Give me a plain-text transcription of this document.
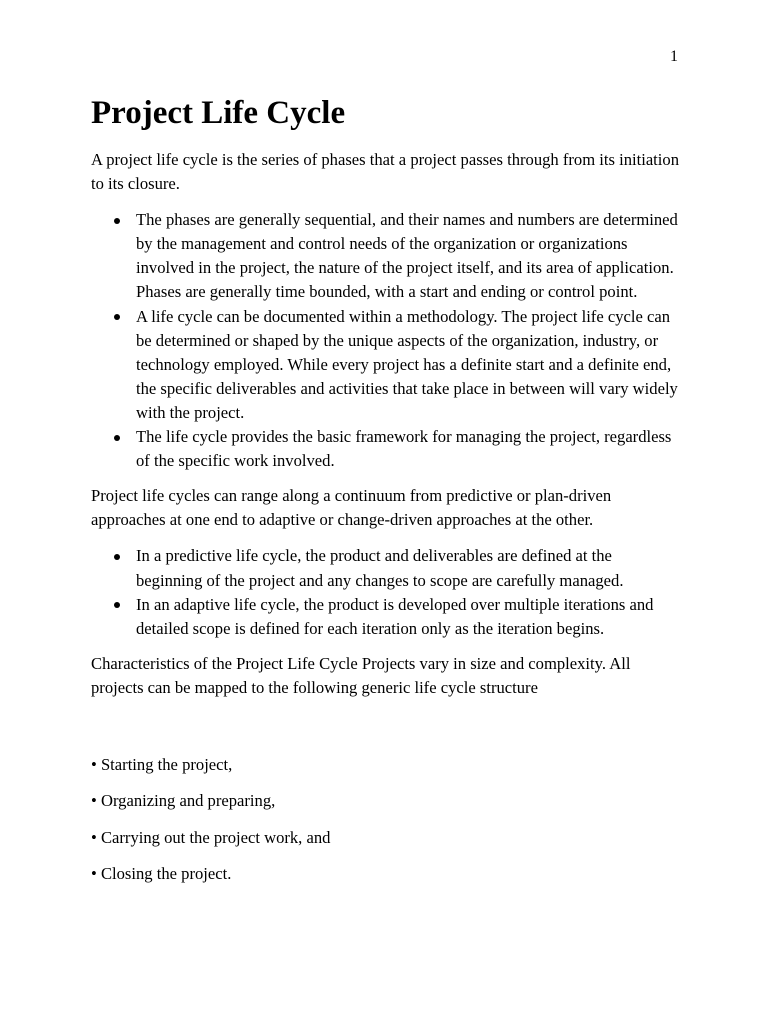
1
Project Life Cycle

A project life cycle is the series of phases that a project passes through from its initiation to its closure.

The phases are generally sequential, and their names and numbers are determined by the management and control needs of the organization or organizations involved in the project, the nature of the project itself, and its area of application. Phases are generally time bounded, with a start and ending or control point.
A life cycle can be documented within a methodology. The project life cycle can be determined or shaped by the unique aspects of the organization, industry, or technology employed. While every project has a definite start and a definite end, the specific deliverables and activities that take place in between will vary widely with the project.
The life cycle provides the basic framework for managing the project, regardless of the specific work involved.

Project life cycles can range along a continuum from predictive or plan-driven approaches at one end to adaptive or change-driven approaches at the other.

In a predictive life cycle, the product and deliverables are defined at the beginning of the project and any changes to scope are carefully managed.
In an adaptive life cycle, the product is developed over multiple iterations and detailed scope is defined for each iteration only as the iteration begins.

Characteristics of the Project Life Cycle Projects vary in size and complexity. All projects can be mapped to the following generic life cycle structure

• Starting the project,
• Organizing and preparing,
• Carrying out the project work, and
• Closing the project.
